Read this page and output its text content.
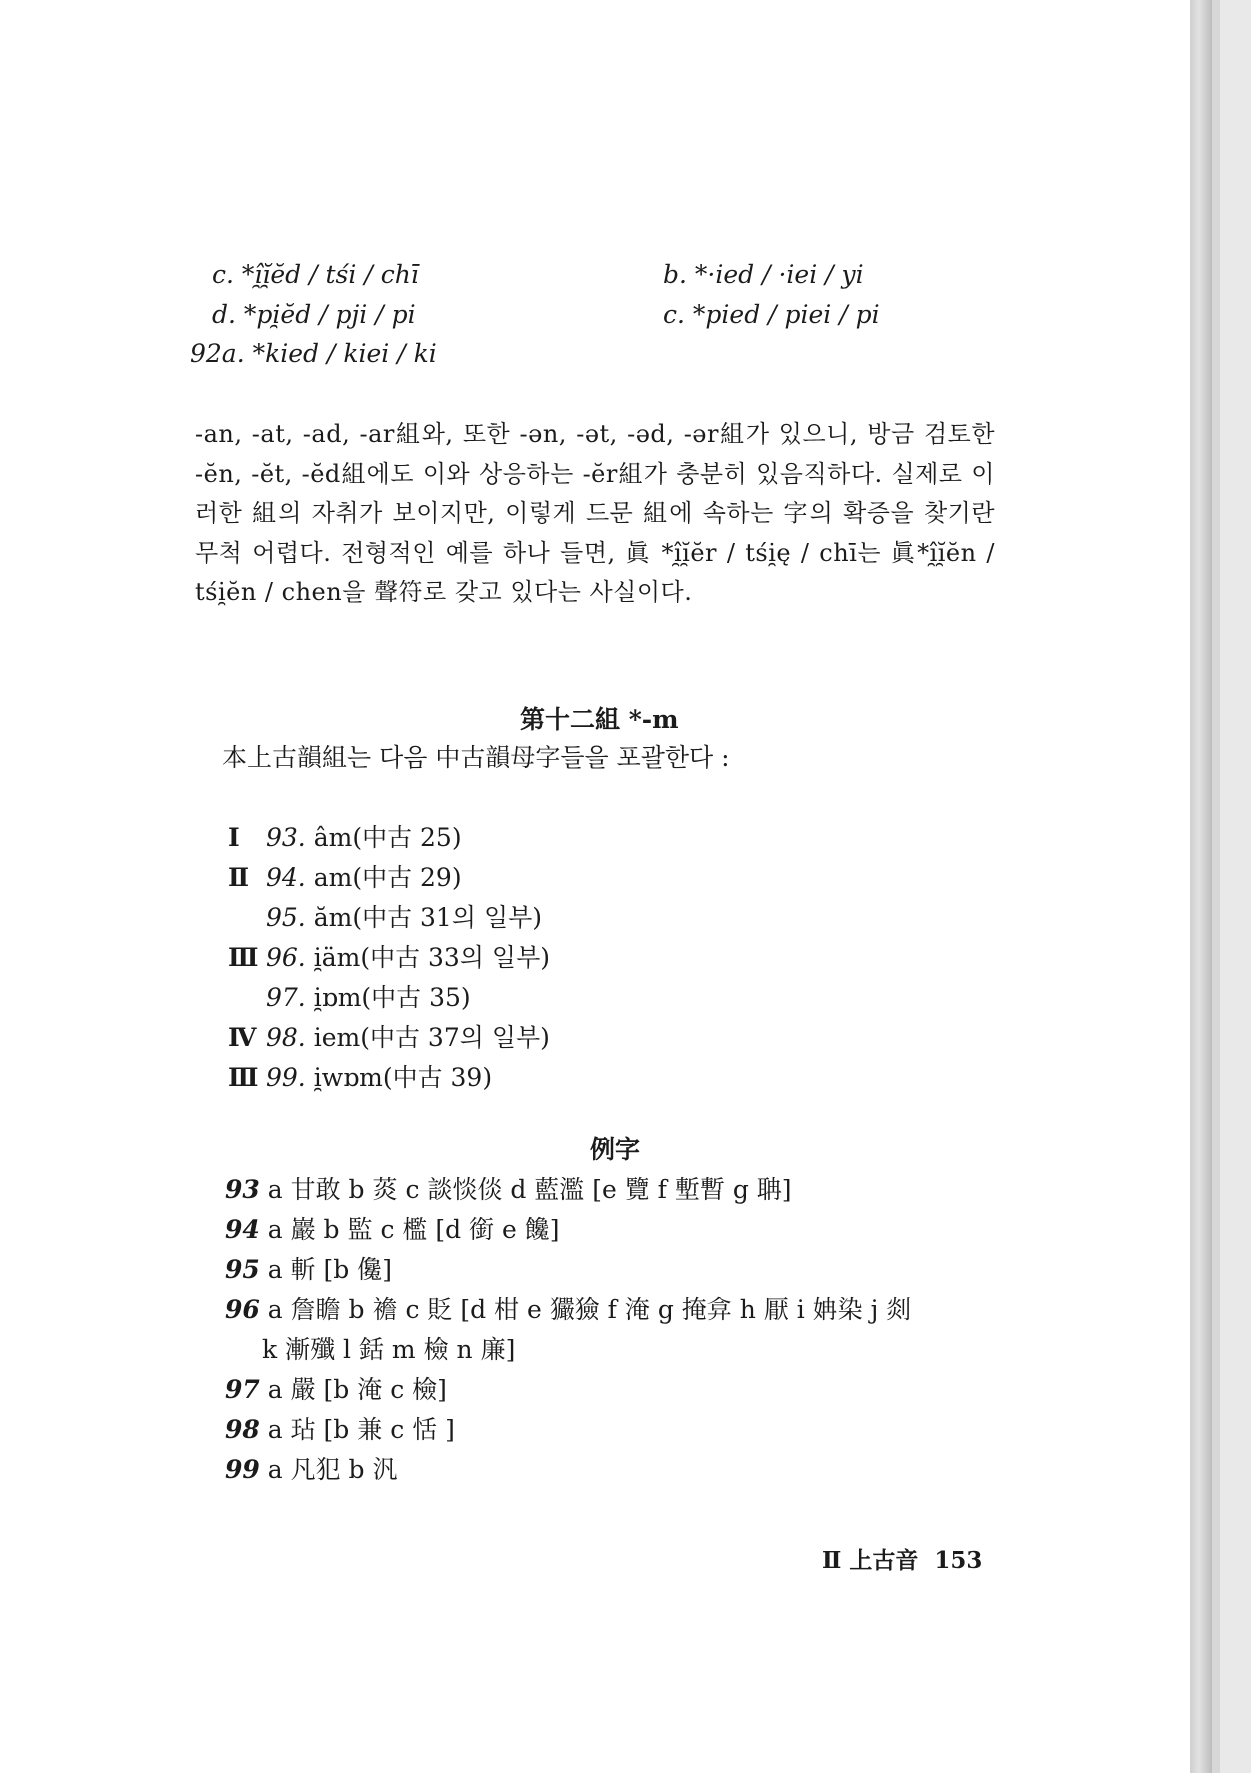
c. *î̯ĭ̯ĕd / tśi / chī
d. *pi̯ĕd / pji / pi
92a. *kied / kiei / ki
b. *·ied / ·iei / yi
c. *pied / piei / pi
-an, -at, -ad, -ar組와, 또한 -ən, -ət, -əd, -ər組가 있으니, 방금 검토한 -ĕn, -ĕt, -ĕd組에도 이와 상응하는 -ĕr組가 충분히 있음직하다. 실제로 이러한 組의 자취가 보이지만, 이렇게 드문 組에 속하는 字의 확증을 찾기란 무척 어렵다. 전형적인 예를 하나 들면, 眞 *î̯ĭ̯ĕr / tśi̯ę / chī는 眞*î̯ĭ̯ĕn / tśi̯ĕn / chen을 聲符로 갖고 있다는 사실이다.
第十二組 *-m
本上古韻組는 다음 中古韻母字들을 포괄한다 :
Ⅰ 93. âm(中古 25)
Ⅱ 94. am(中古 29)
95. ăm(中古 31의 일부)
Ⅲ 96. i̯äm(中古 33의 일부)
97. i̯ɒm(中古 35)
Ⅳ 98. iem(中古 37의 일부)
Ⅲ 99. i̯wɒm(中古 39)
例字
93 a 甘敢 b 菼 c 談惔倓 d 藍濫 [e 覽 f 塹暫 g 聃]
94 a 巖 b 監 c 檻 [d 銜 e 饞]
95 a 斬 [b 儳]
96 a 詹瞻 b 襜 c 貶 [d 柑 e 玁獫 f 淹 g 掩弇 h 厭 i 姌染 j 剡
k 漸殲 l 銛 m 檢 n 廉]
97 a 嚴 [b 淹 c 檢]
98 a 玷 [b 兼 c 恬 ]
99 a 凡犯 b 汎
Ⅱ 上古音 153
